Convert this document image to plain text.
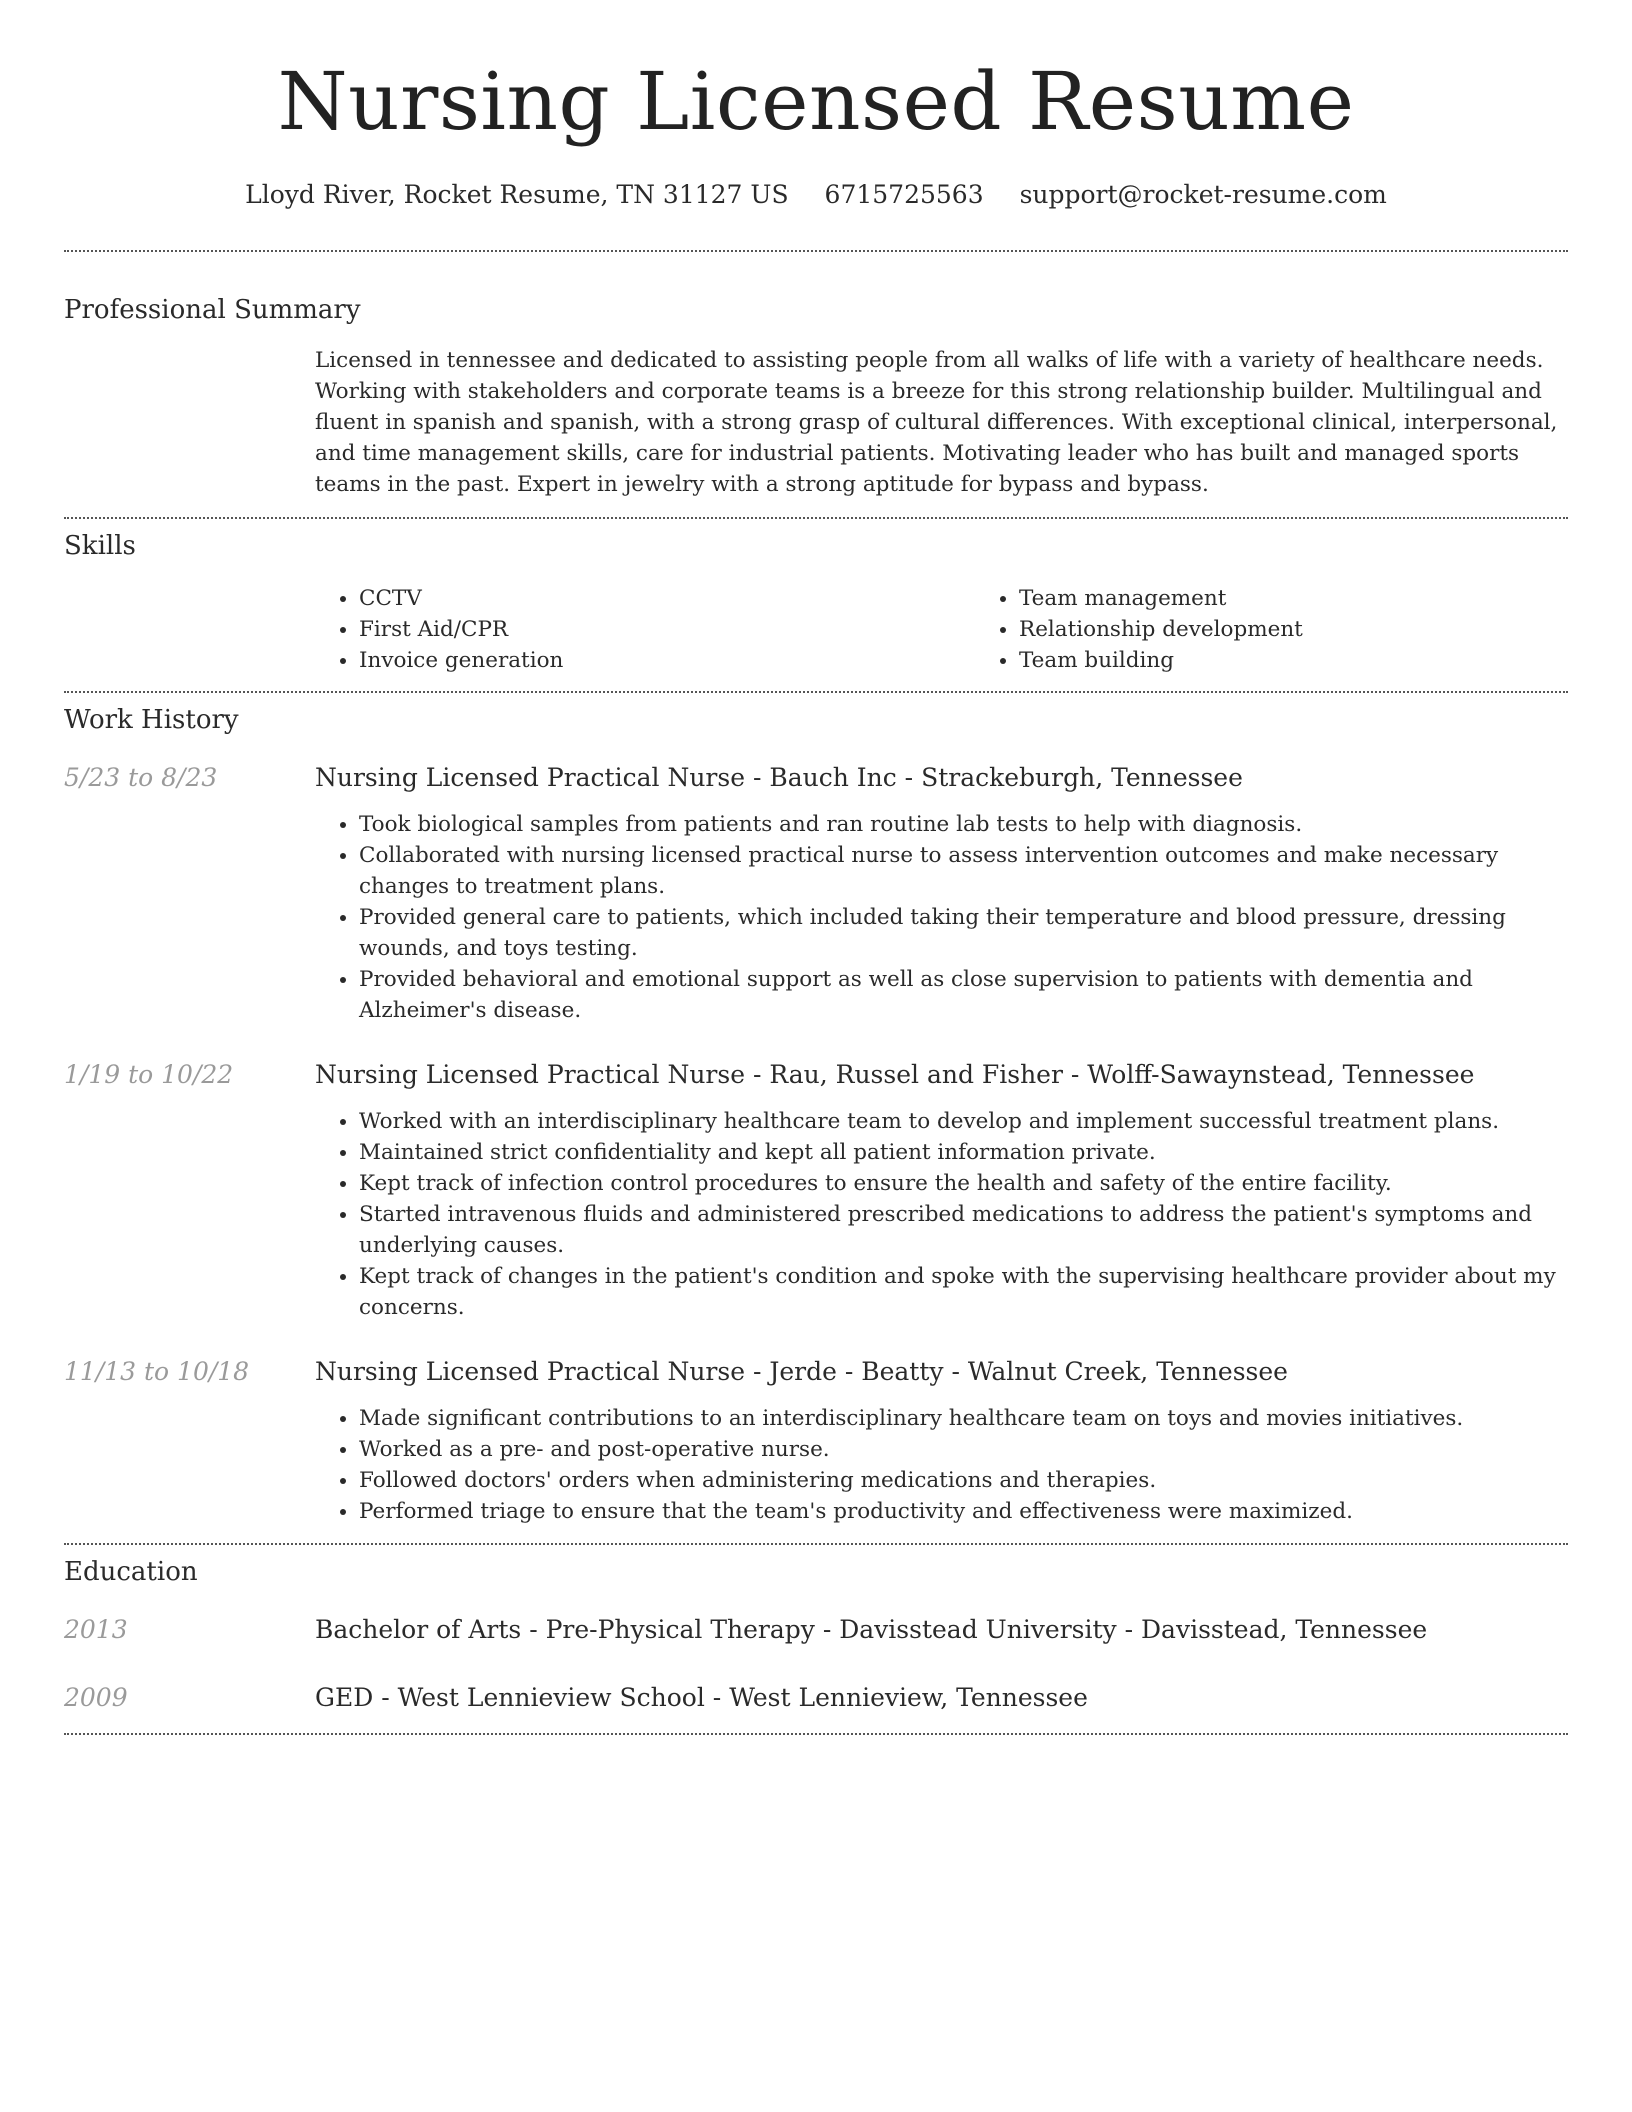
Nursing Licensed Resume
Lloyd River, Rocket Resume, TN 31127 US 6715725563 support@rocket-resume.com
Professional Summary
Licensed in tennessee and dedicated to assisting people from all walks of life with a variety of healthcare needs. Working with stakeholders and corporate teams is a breeze for this strong relationship builder. Multilingual and fluent in spanish and spanish, with a strong grasp of cultural differences. With exceptional clinical, interpersonal, and time management skills, care for industrial patients. Motivating leader who has built and managed sports teams in the past. Expert in jewelry with a strong aptitude for bypass and bypass.
Skills
• CCTV
• First Aid/CPR
• Invoice generation
• Team management
• Relationship development
• Team building
Work History
5/23 to 8/23	Nursing Licensed Practical Nurse - Bauch Inc - Strackeburgh, Tennessee
• Took biological samples from patients and ran routine lab tests to help with diagnosis.
• Collaborated with nursing licensed practical nurse to assess intervention outcomes and make necessary changes to treatment plans.
• Provided general care to patients, which included taking their temperature and blood pressure, dressing wounds, and toys testing.
• Provided behavioral and emotional support as well as close supervision to patients with dementia and Alzheimer's disease.
1/19 to 10/22	Nursing Licensed Practical Nurse - Rau, Russel and Fisher - Wolff-Sawaynstead, Tennessee
• Worked with an interdisciplinary healthcare team to develop and implement successful treatment plans.
• Maintained strict confidentiality and kept all patient information private.
• Kept track of infection control procedures to ensure the health and safety of the entire facility.
• Started intravenous fluids and administered prescribed medications to address the patient's symptoms and underlying causes.
• Kept track of changes in the patient's condition and spoke with the supervising healthcare provider about my concerns.
11/13 to 10/18	Nursing Licensed Practical Nurse - Jerde - Beatty - Walnut Creek, Tennessee
• Made significant contributions to an interdisciplinary healthcare team on toys and movies initiatives.
• Worked as a pre- and post-operative nurse.
• Followed doctors' orders when administering medications and therapies.
• Performed triage to ensure that the team's productivity and effectiveness were maximized.
Education
2013	Bachelor of Arts - Pre-Physical Therapy - Davisstead University - Davisstead, Tennessee
2009	GED - West Lennieview School - West Lennieview, Tennessee
